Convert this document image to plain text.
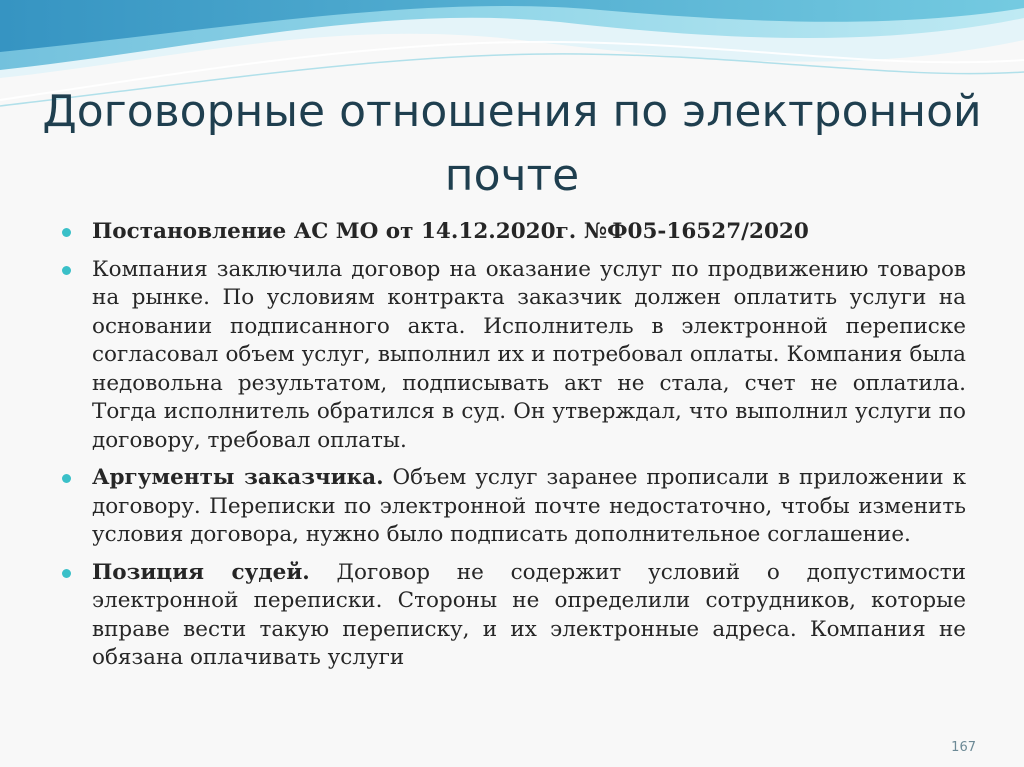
Договорные отношения по электронной почте
Постановление АС МО от 14.12.2020г. №Ф05-16527/2020
Компания заключила договор на оказание услуг по продвижению товаров на рынке. По условиям контракта заказчик должен оплатить услуги на основании подписанного акта. Исполнитель в электронной переписке согласовал объем услуг, выполнил их и потребовал оплаты. Компания была недовольна результатом, подписывать акт не стала, счет не оплатила. Тогда исполнитель обратился в суд. Он утверждал, что выполнил услуги по договору, требовал оплаты.
Аргументы заказчика. Объем услуг заранее прописали в приложении к договору. Переписки по электронной почте недостаточно, чтобы изменить условия договора, нужно было подписать дополнительное соглашение.
Позиция судей. Договор не содержит условий о допустимости электронной переписки. Стороны не определили сотрудников, которые вправе вести такую переписку, и их электронные адреса. Компания не обязана оплачивать услуги
167
